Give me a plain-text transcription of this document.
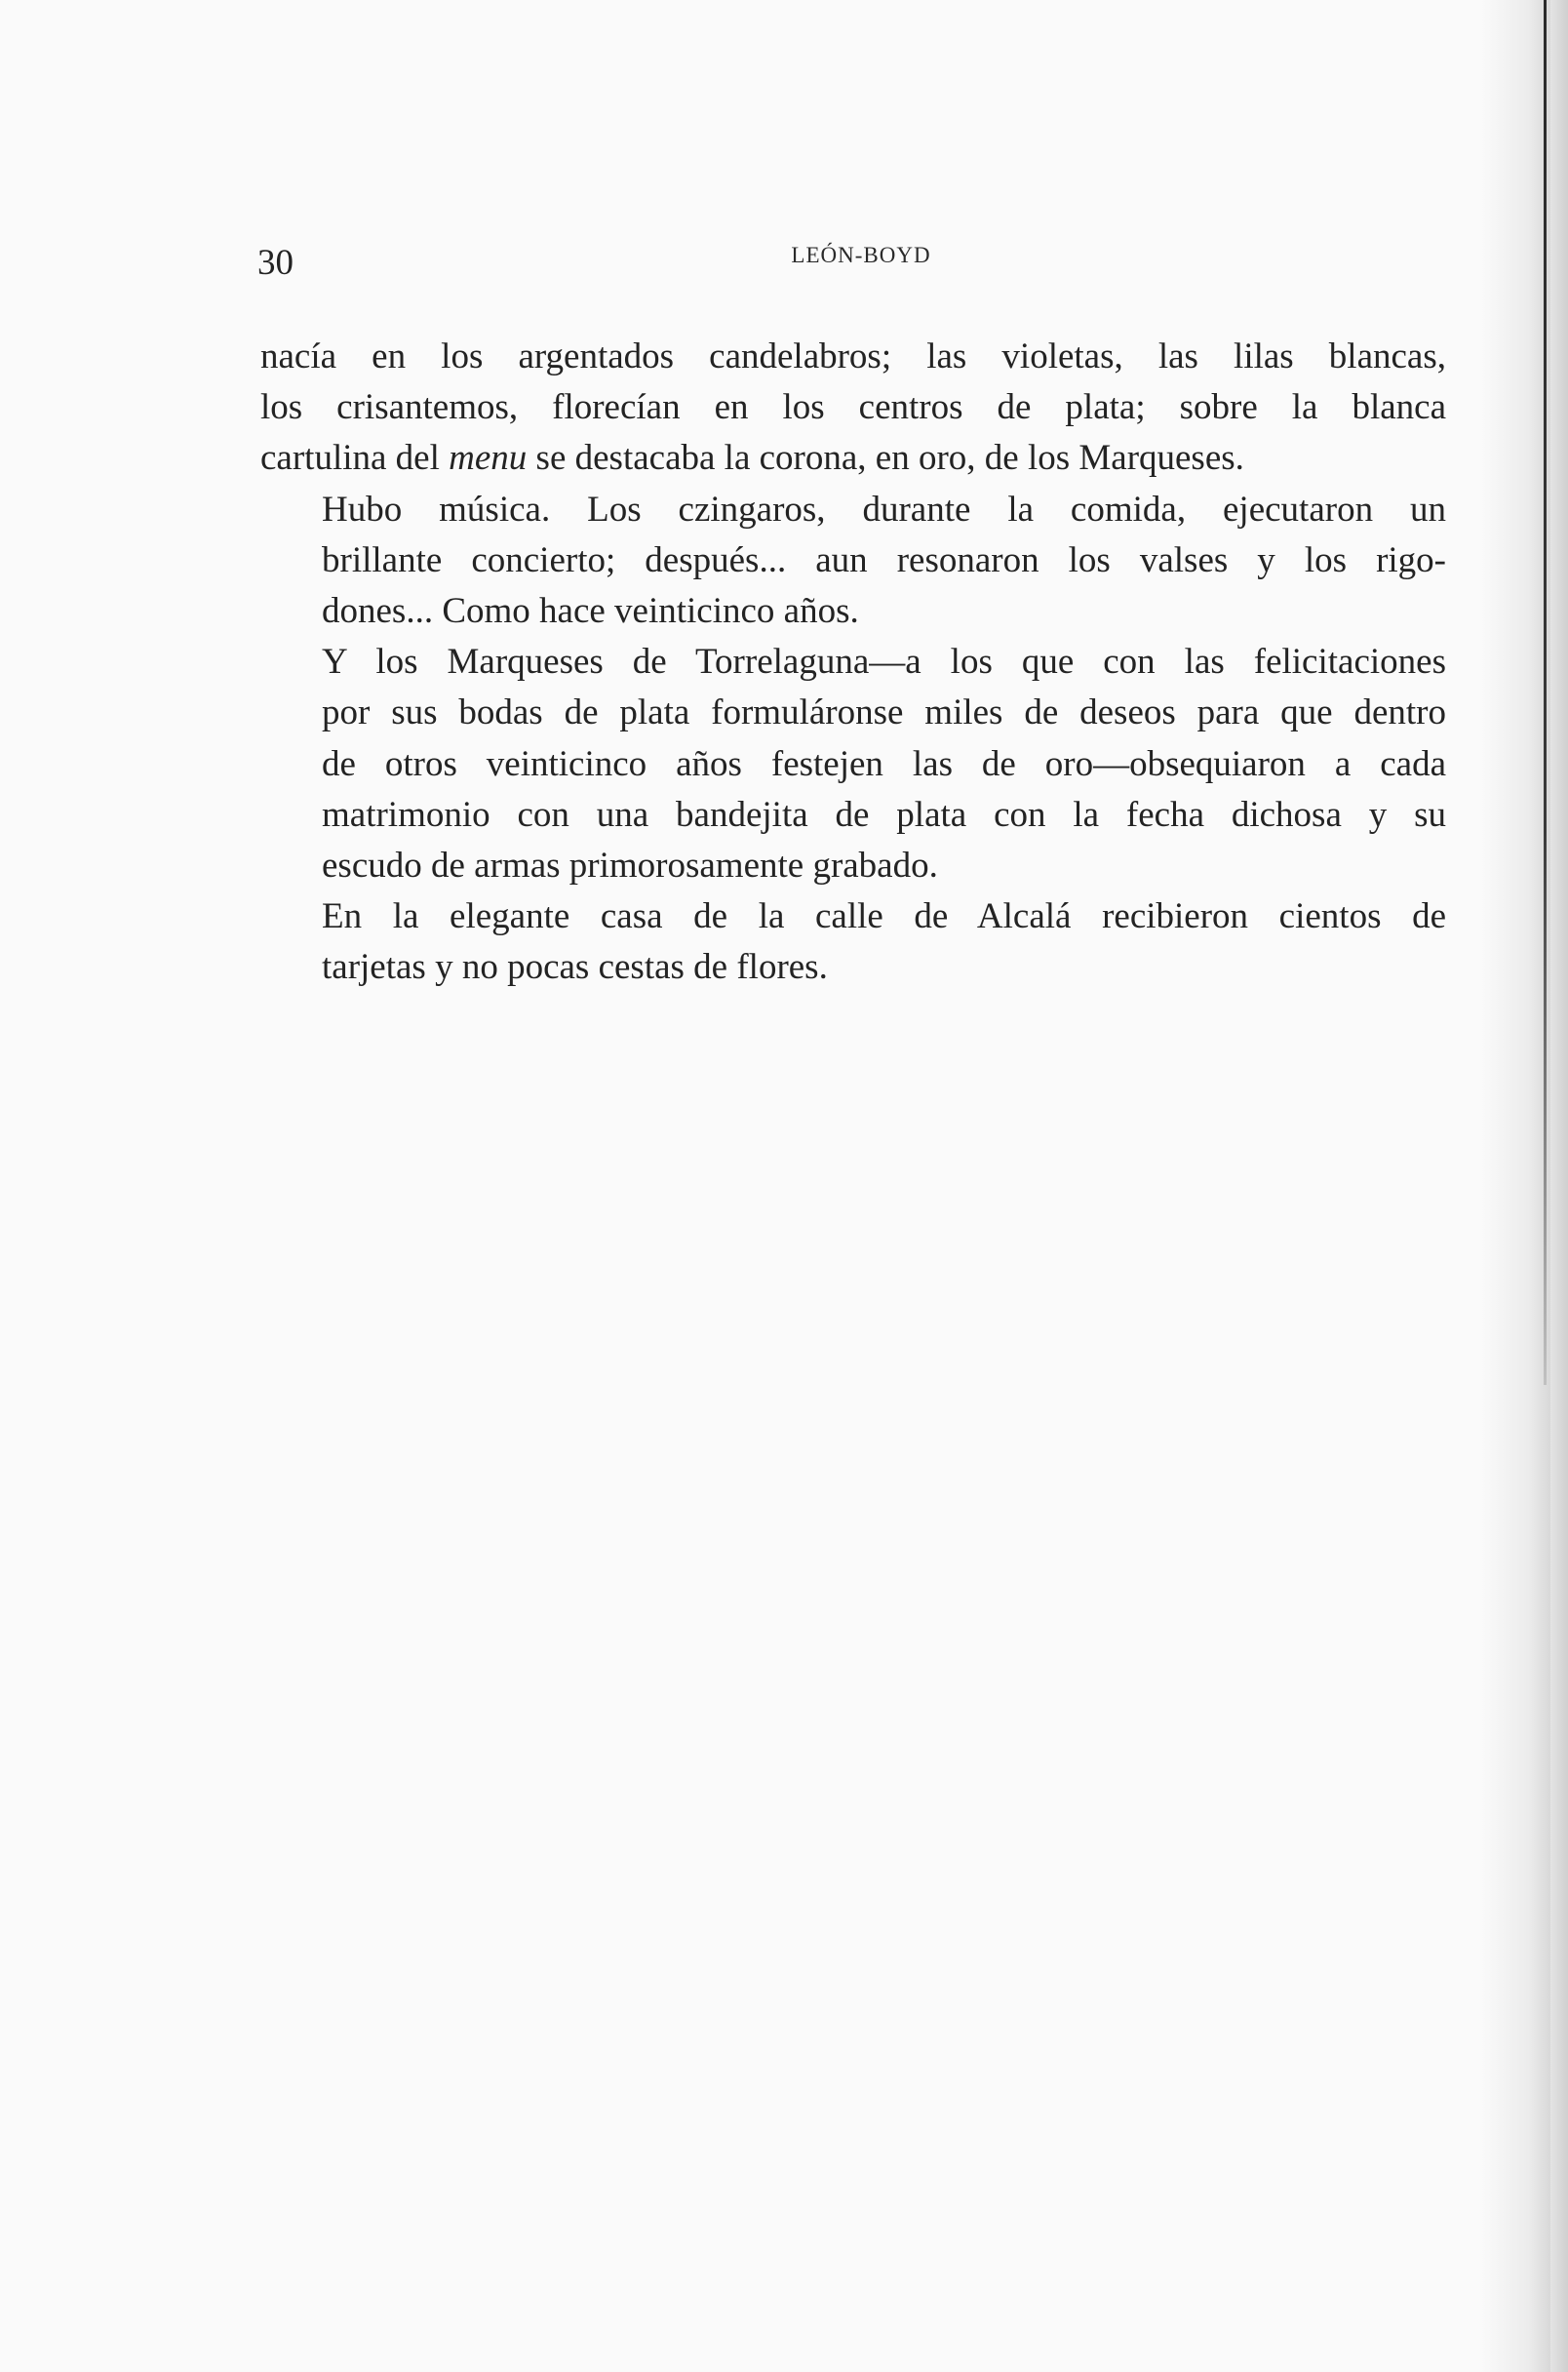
30	LEÓN-BOYD

nacía en los argentados candelabros; las violetas, las lilas blancas,
los crisantemos, florecían en los centros de plata; sobre la blanca
cartulina del menu se destacaba la corona, en oro, de los Marqueses.

Hubo música. Los czingaros, durante la comida, ejecutaron un
brillante concierto; después... aun resonaron los valses y los rigo-
dones... Como hace veinticinco años.

Y los Marqueses de Torrelaguna—a los que con las felicitaciones
por sus bodas de plata formuláronse miles de deseos para que dentro
de otros veinticinco años festejen las de oro—obsequiaron a cada
matrimonio con una bandejita de plata con la fecha dichosa y su
escudo de armas primorosamente grabado.

En la elegante casa de la calle de Alcalá recibieron cientos de
tarjetas y no pocas cestas de flores.
